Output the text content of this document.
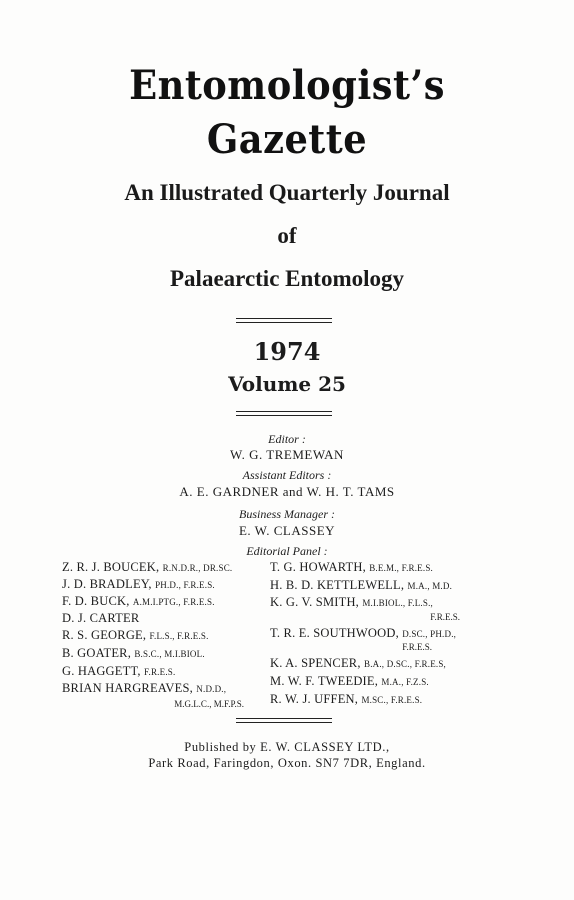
Entomologist’s
Gazette
An Illustrated Quarterly Journal
of
Palaearctic Entomology
1974
Volume 25
Editor :
W. G. TREMEWAN
Assistant Editors :
A. E. GARDNER and W. H. T. TAMS
Business Manager :
E. W. CLASSEY
Editorial Panel :
Z. R. J. BOUCEK, R.N.D.R., DR.SC.
J. D. BRADLEY, PH.D., F.R.E.S.
F. D. BUCK, A.M.I.PTG., F.R.E.S.
D. J. CARTER
R. S. GEORGE, F.L.S., F.R.E.S.
B. GOATER, B.S.C., M.I.BIOL.
G. HAGGETT, F.R.E.S.
BRIAN HARGREAVES, N.D.D.,
M.G.L.C., M.F.P.S.
T. G. HOWARTH, B.E.M., F.R.E.S.
H. B. D. KETTLEWELL, M.A., M.D.
K. G. V. SMITH, M.I.BIOL., F.L.S.,
F.R.E.S.
T. R. E. SOUTHWOOD, D.SC., PH.D.,
F.R.E.S.
K. A. SPENCER, B.A., D.SC., F.R.E.S,
M. W. F. TWEEDIE, M.A., F.Z.S.
R. W. J. UFFEN, M.SC., F.R.E.S.
Published by E. W. CLASSEY LTD.,
Park Road, Faringdon, Oxon. SN7 7DR, England.
